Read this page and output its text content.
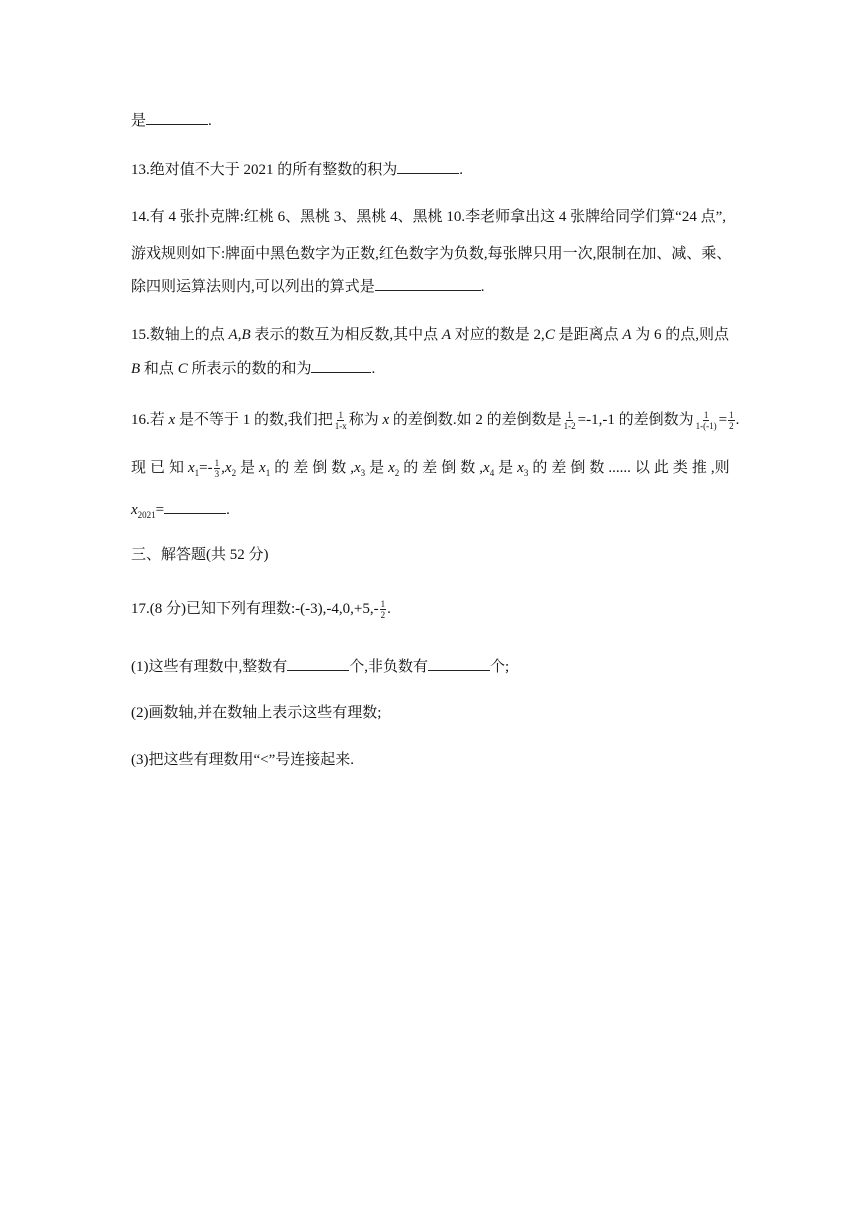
是	.
13.绝对值不大于 2021 的所有整数的积为	.
14.有 4 张扑克牌:红桃 6、黑桃 3、黑桃 4、黑桃 10.李老师拿出这 4 张牌给同学们算“24 点”,
游戏规则如下:牌面中黑色数字为正数,红色数字为负数,每张牌只用一次,限制在加、减、乘、
除四则运算法则内,可以列出的算式是	.
15.数轴上的点 A,B 表示的数互为相反数,其中点 A 对应的数是 2,C 是距离点 A 为 6 的点,则点
B 和点 C 所表示的数的和为	.
16.若 x 是不等于 1 的数,我们把 $\frac{1}{1-x}$ 称为 x 的差倒数.如 2 的差倒数是 $\frac{1}{1-2} =-1,-1$ 的差倒数为 $\frac{1}{1-(-1)} = \frac{1}{2}$ .
现 已 知 $x_1=- \frac{1}{3} ,x_2$ 是 $x_1$ 的 差 倒 数 $,x_3$ 是 $x_2$ 的 差 倒 数 $,x_4$ 是 $x_3$ 的 差 倒 数 ...... 以 此 类 推 ,则
$x_{2021}=$	.
三、解答题(共 52 分)
17.(8 分)已知下列有理数:-(-3),-4,0,+5,- $\frac{1}{2}$ .
(1)这些有理数中,整数有	个,非负数有	个;
(2)画数轴,并在数轴上表示这些有理数;
(3)把这些有理数用“<”号连接起来.
